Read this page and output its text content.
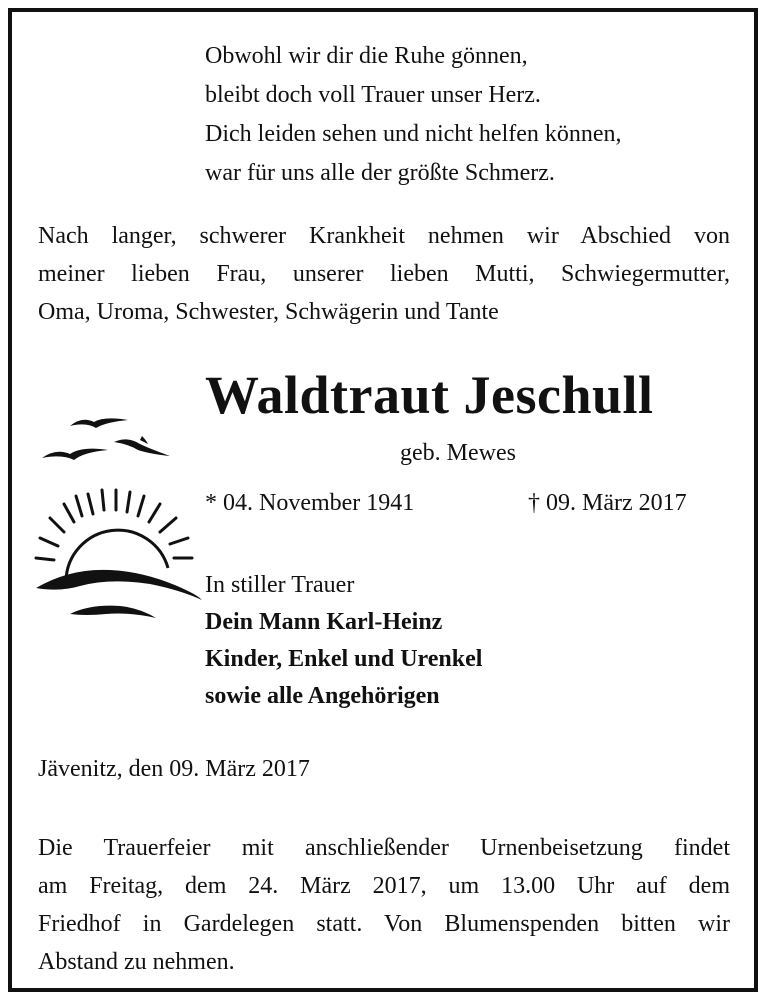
Obwohl wir dir die Ruhe gönnen,
bleibt doch voll Trauer unser Herz.
Dich leiden sehen und nicht helfen können,
war für uns alle der größte Schmerz.
Nach langer, schwerer Krankheit nehmen wir Abschied von
meiner lieben Frau, unserer lieben Mutti, Schwiegermutter,
Oma, Uroma, Schwester, Schwägerin und Tante
Waldtraut Jeschull
geb. Mewes
* 04. November 1941	† 09. März 2017
In stiller Trauer
Dein Mann Karl-Heinz
Kinder, Enkel und Urenkel
sowie alle Angehörigen
Jävenitz, den 09. März 2017
Die Trauerfeier mit anschließender Urnenbeisetzung findet
am Freitag, dem 24. März 2017, um 13.00 Uhr auf dem
Friedhof in Gardelegen statt. Von Blumenspenden bitten wir
Abstand zu nehmen.
